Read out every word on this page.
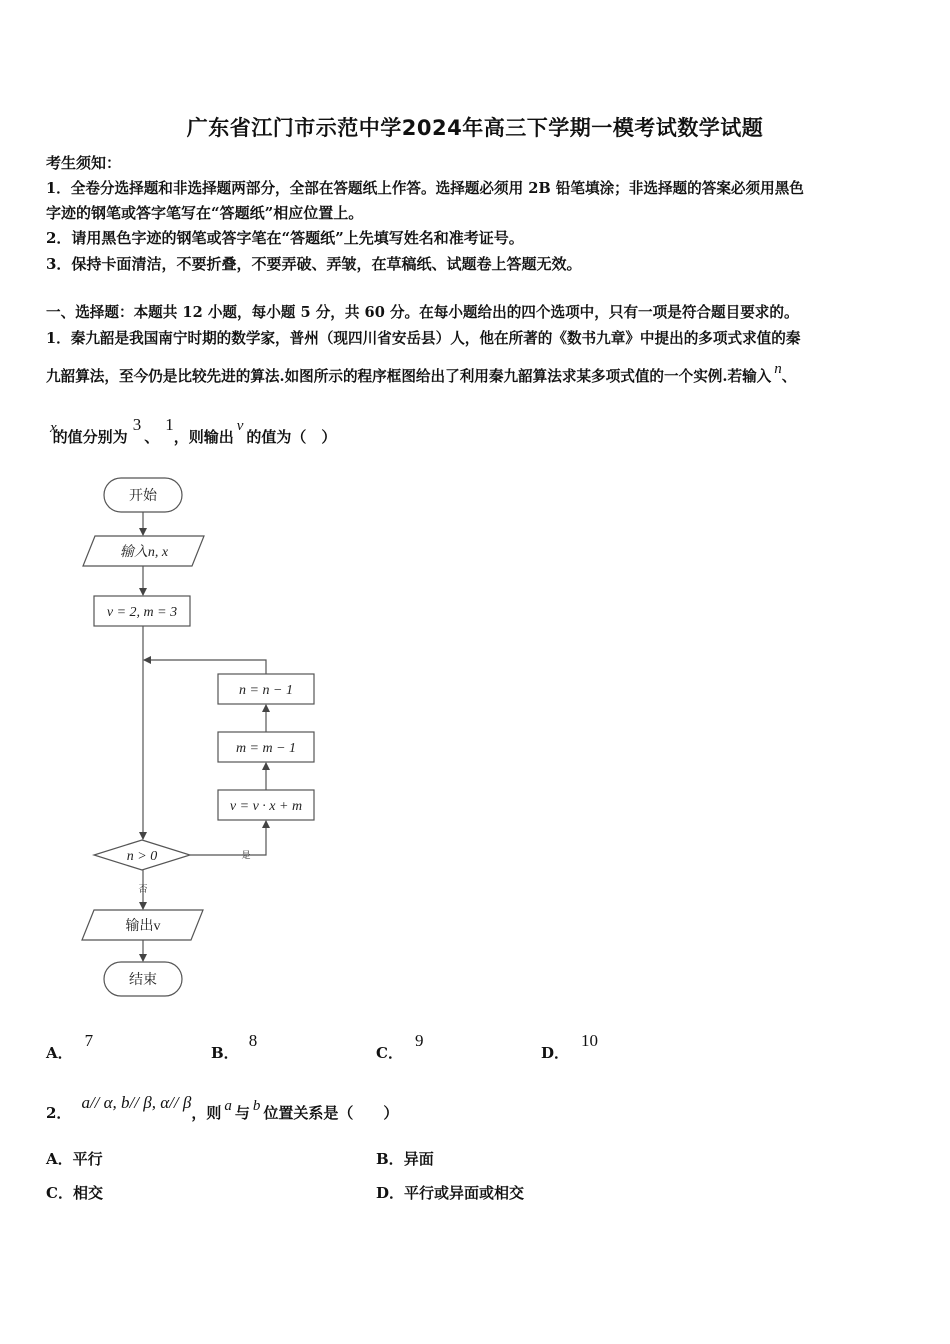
广东省江门市示范中学2024年高三下学期一模考试数学试题
考生须知：
1．全卷分选择题和非选择题两部分，全部在答题纸上作答。选择题必须用 2B 铅笔填涂；非选择题的答案必须用黑色
字迹的钢笔或答字笔写在“答题纸”相应位置上。
2．请用黑色字迹的钢笔或答字笔在“答题纸”上先填写姓名和准考证号。
3．保持卡面清洁，不要折叠，不要弄破、弄皱，在草稿纸、试题卷上答题无效。
一、选择题：本题共 12 小题，每小题 5 分，共 60 分。在每小题给出的四个选项中，只有一项是符合题目要求的。
1．秦九韶是我国南宁时期的数学家，普州（现四川省安岳县）人，他在所著的《数书九章》中提出的多项式求值的秦
九韶算法，至今仍是比较先进的算法.如图所示的程序框图给出了利用秦九韶算法求某多项式值的一个实例.若输入 n、
x的值分别为3、1，则输出v的值为（　）
开始
输入n, x
v = 2, m = 3
n = n − 1
m = m − 1
v = v · x + m
n > 0	是
否
输出v
结束
A．7
B．8
C．9
D．10
2．a// α, b// β, α// β，则 a 与 b 位置关系是（　　）
A．平行	B．异面
C．相交	D．平行或异面或相交
